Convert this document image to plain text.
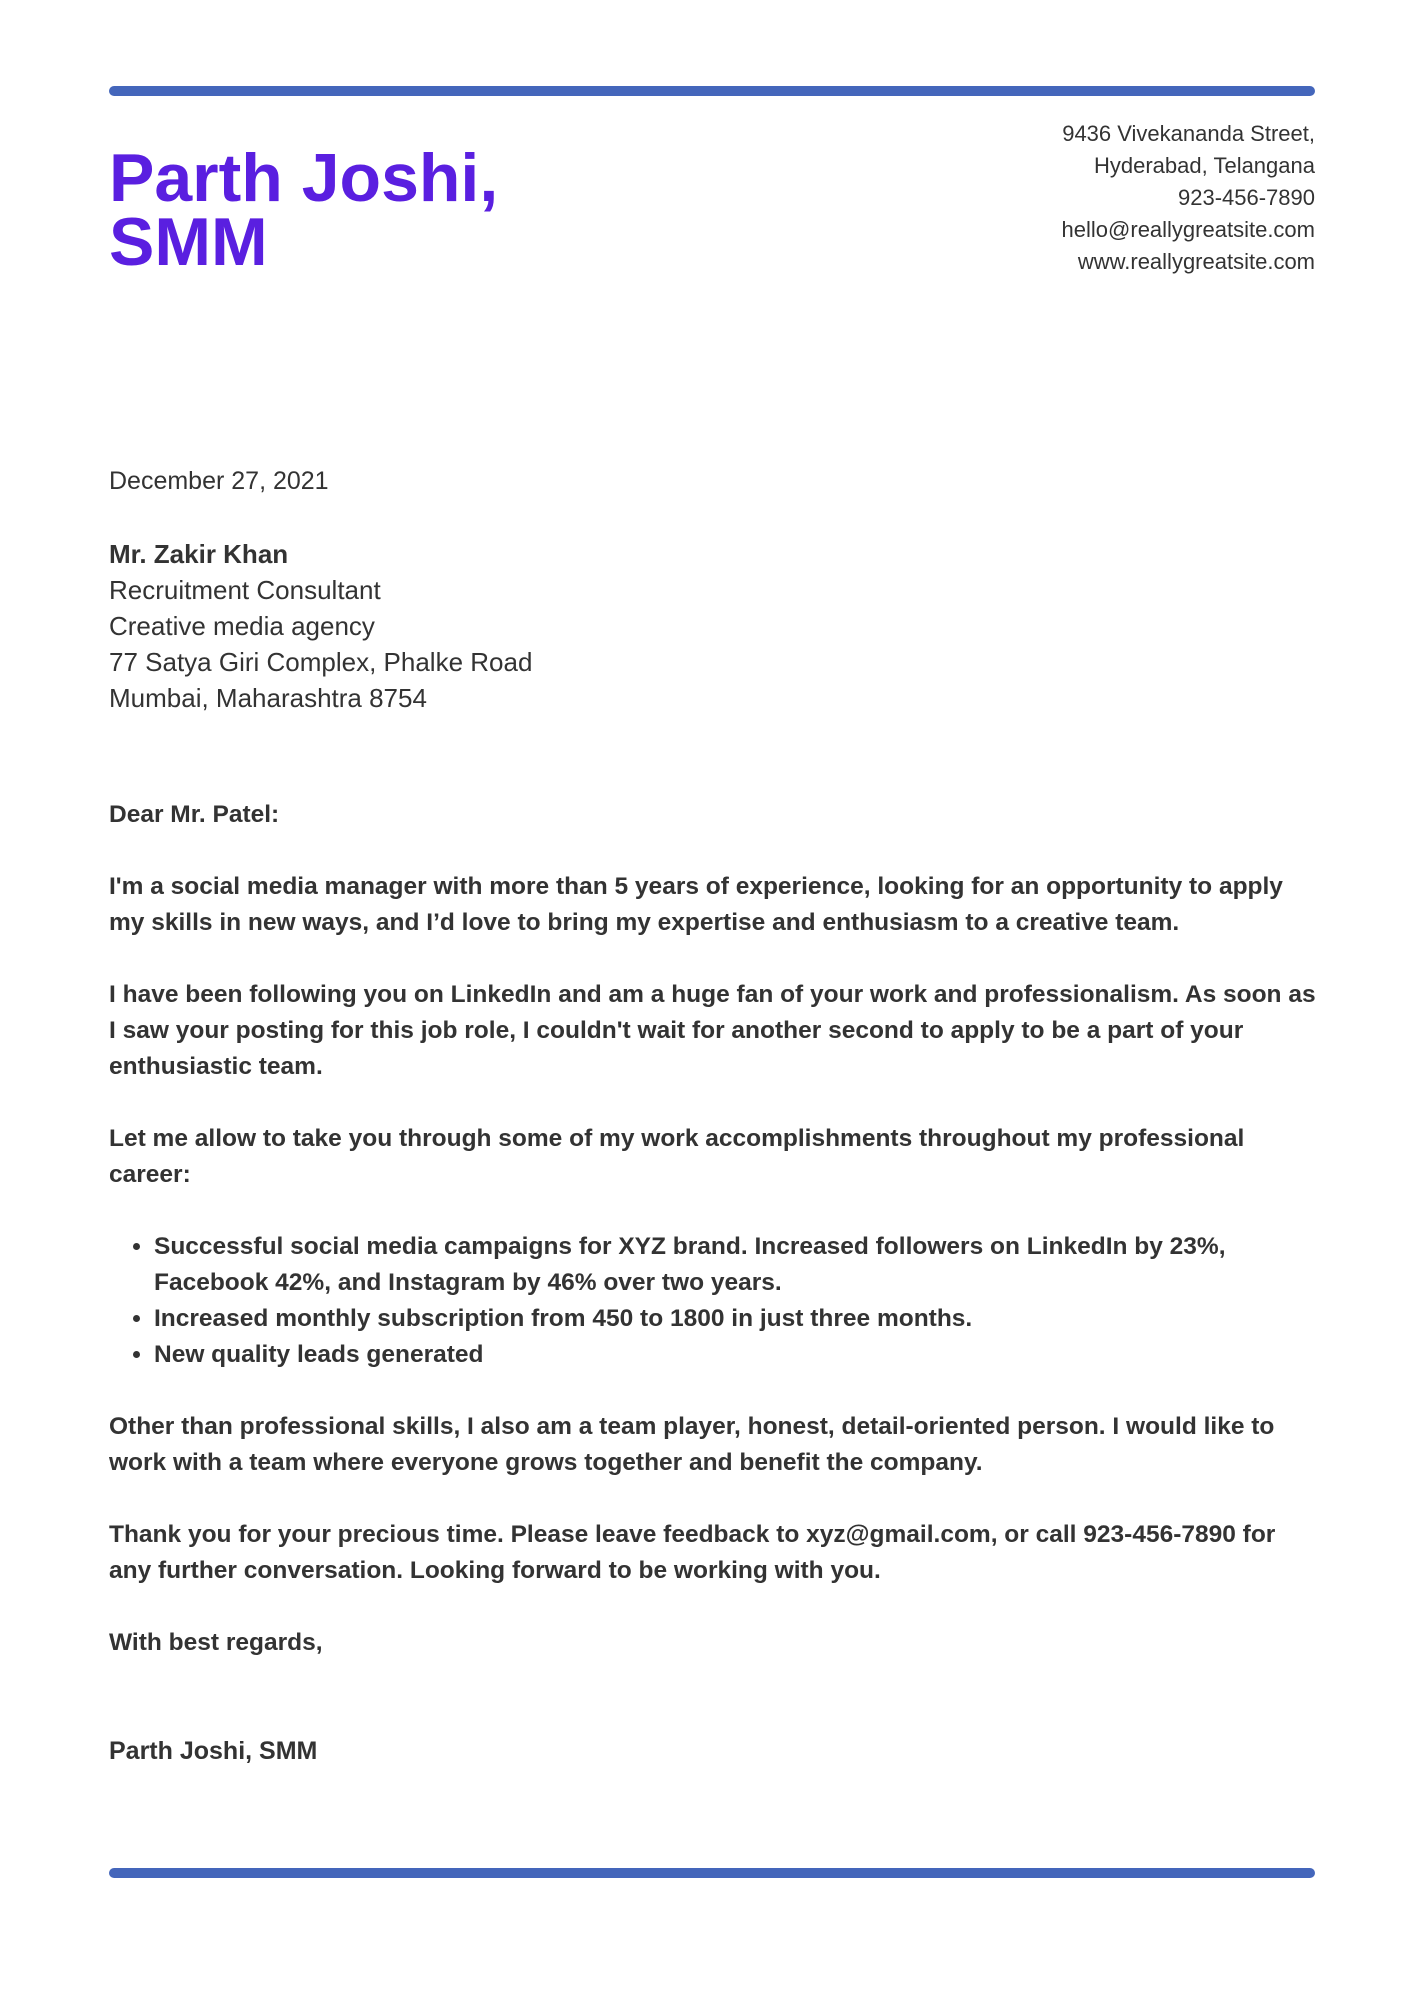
Parth Joshi,
SMM
9436 Vivekananda Street,
Hyderabad, Telangana
923-456-7890
hello@reallygreatsite.com
www.reallygreatsite.com
December 27, 2021
Mr. Zakir Khan
Recruitment Consultant
Creative media agency
77 Satya Giri Complex, Phalke Road
Mumbai, Maharashtra 8754

Dear Mr. Patel:

I'm a social media manager with more than 5 years of experience, looking for an opportunity to apply my skills in new ways, and I’d love to bring my expertise and enthusiasm to a creative team.

I have been following you on LinkedIn and am a huge fan of your work and professionalism. As soon as I saw your posting for this job role, I couldn't wait for another second to apply to be a part of your enthusiastic team.

Let me allow to take you through some of my work accomplishments throughout my professional career:

• Successful social media campaigns for XYZ brand. Increased followers on LinkedIn by 23%, Facebook 42%, and Instagram by 46% over two years.
• Increased monthly subscription from 450 to 1800 in just three months.
• New quality leads generated

Other than professional skills, I also am a team player, honest, detail-oriented person. I would like to work with a team where everyone grows together and benefit the company.

Thank you for your precious time. Please leave feedback to xyz@gmail.com, or call 923-456-7890 for any further conversation. Looking forward to be working with you.

With best regards,

Parth Joshi, SMM
